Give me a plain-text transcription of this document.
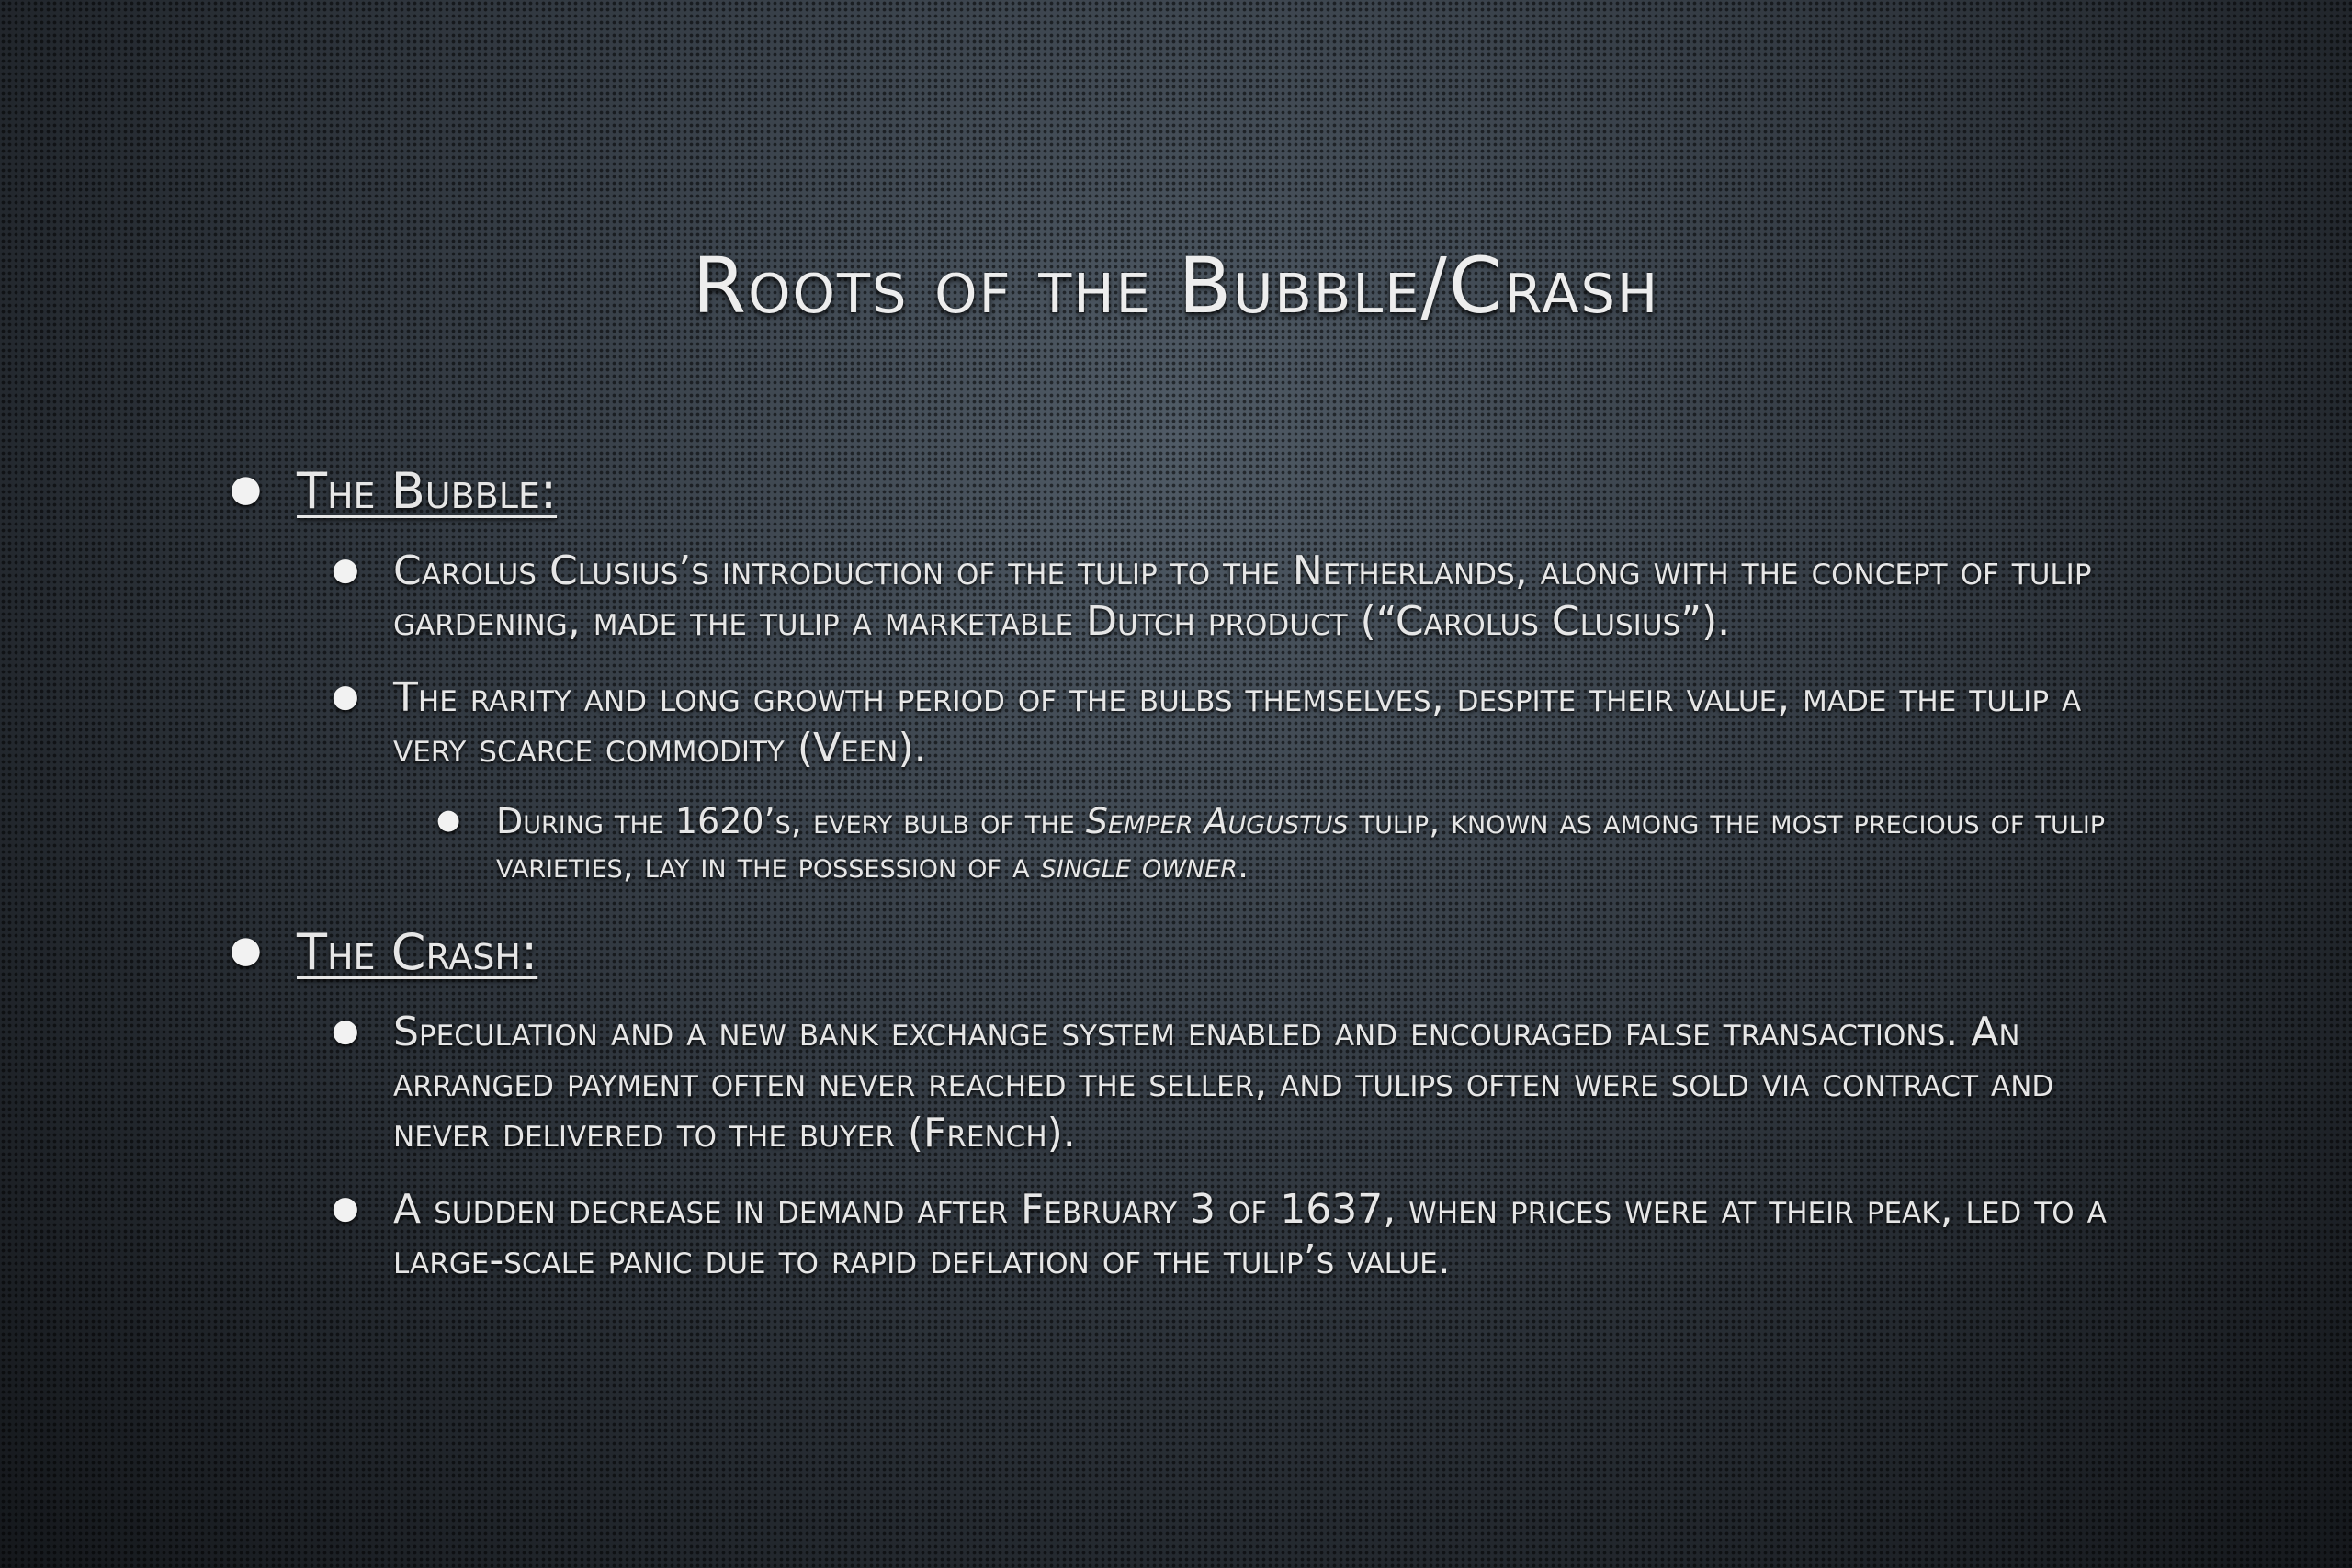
Roots of the Bubble/Crash
● The Bubble:
● Carolus Clusius’s introduction of the tulip to the Netherlands, along with the concept of tulip gardening, made the tulip a marketable Dutch product (“Carolus Clusius”).
● The rarity and long growth period of the bulbs themselves, despite their value, made the tulip a very scarce commodity (Veen).
● During the 1620’s, every bulb of the Semper Augustus tulip, known as among the most precious of tulip varieties, lay in the possession of a single owner.
● The Crash:
● Speculation and a new bank exchange system enabled and encouraged false transactions. An arranged payment often never reached the seller, and tulips often were sold via contract and never delivered to the buyer (French).
● A sudden decrease in demand after February 3 of 1637, when prices were at their peak, led to a large-scale panic due to rapid deflation of the tulip’s value.
